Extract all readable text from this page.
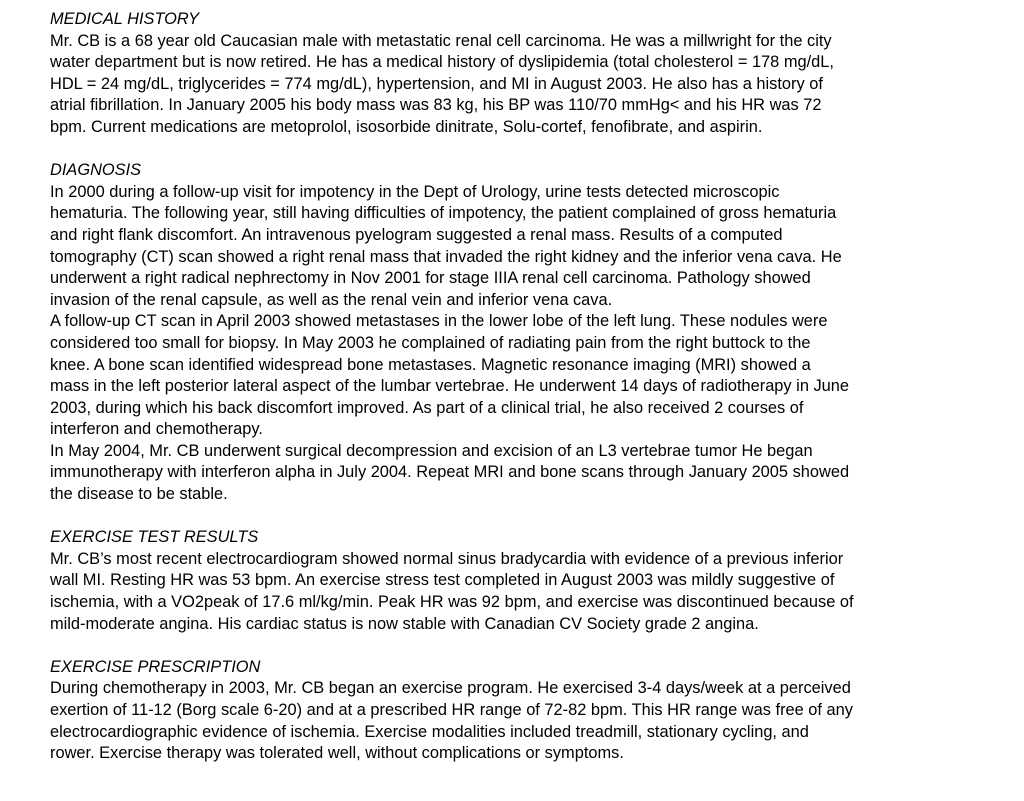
MEDICAL HISTORY

Mr. CB is a 68 year old Caucasian male with metastatic renal cell carcinoma. He was a millwright for the city
water department but is now retired. He has a medical history of dyslipidemia (total cholesterol = 178 mg/dL,
HDL = 24 mg/dL, triglycerides = 774 mg/dL), hypertension, and MI in August 2003. He also has a history of
atrial fibrillation. In January 2005 his body mass was 83 kg, his BP was 110/70 mmHg< and his HR was 72
bpm. Current medications are metoprolol, isosorbide dinitrate, Solu-cortef, fenofibrate, and aspirin.

DIAGNOSIS

In 2000 during a follow-up visit for impotency in the Dept of Urology, urine tests detected microscopic
hematuria. The following year, still having difficulties of impotency, the patient complained of gross hematuria
and right flank discomfort. An intravenous pyelogram suggested a renal mass. Results of a computed
tomography (CT) scan showed a right renal mass that invaded the right kidney and the inferior vena cava. He
underwent a right radical nephrectomy in Nov 2001 for stage IIIA renal cell carcinoma. Pathology showed
invasion of the renal capsule, as well as the renal vein and inferior vena cava.

A follow-up CT scan in April 2003 showed metastases in the lower lobe of the left lung. These nodules were
considered too small for biopsy. In May 2003 he complained of radiating pain from the right buttock to the
knee. A bone scan identified widespread bone metastases. Magnetic resonance imaging (MRI) showed a
mass in the left posterior lateral aspect of the lumbar vertebrae. He underwent 14 days of radiotherapy in June
2003, during which his back discomfort improved. As part of a clinical trial, he also received 2 courses of
interferon and chemotherapy.

In May 2004, Mr. CB underwent surgical decompression and excision of an L3 vertebrae tumor He began
immunotherapy with interferon alpha in July 2004. Repeat MRI and bone scans through January 2005 showed
the disease to be stable.

EXERCISE TEST RESULTS

Mr. CB’s most recent electrocardiogram showed normal sinus bradycardia with evidence of a previous inferior
wall MI. Resting HR was 53 bpm. An exercise stress test completed in August 2003 was mildly suggestive of
ischemia, with a VO2peak of 17.6 ml/kg/min. Peak HR was 92 bpm, and exercise was discontinued because of
mild-moderate angina. His cardiac status is now stable with Canadian CV Society grade 2 angina.

EXERCISE PRESCRIPTION

During chemotherapy in 2003, Mr. CB began an exercise program. He exercised 3-4 days/week at a perceived
exertion of 11-12 (Borg scale 6-20) and at a prescribed HR range of 72-82 bpm. This HR range was free of any
electrocardiographic evidence of ischemia. Exercise modalities included treadmill, stationary cycling, and
rower. Exercise therapy was tolerated well, without complications or symptoms.
